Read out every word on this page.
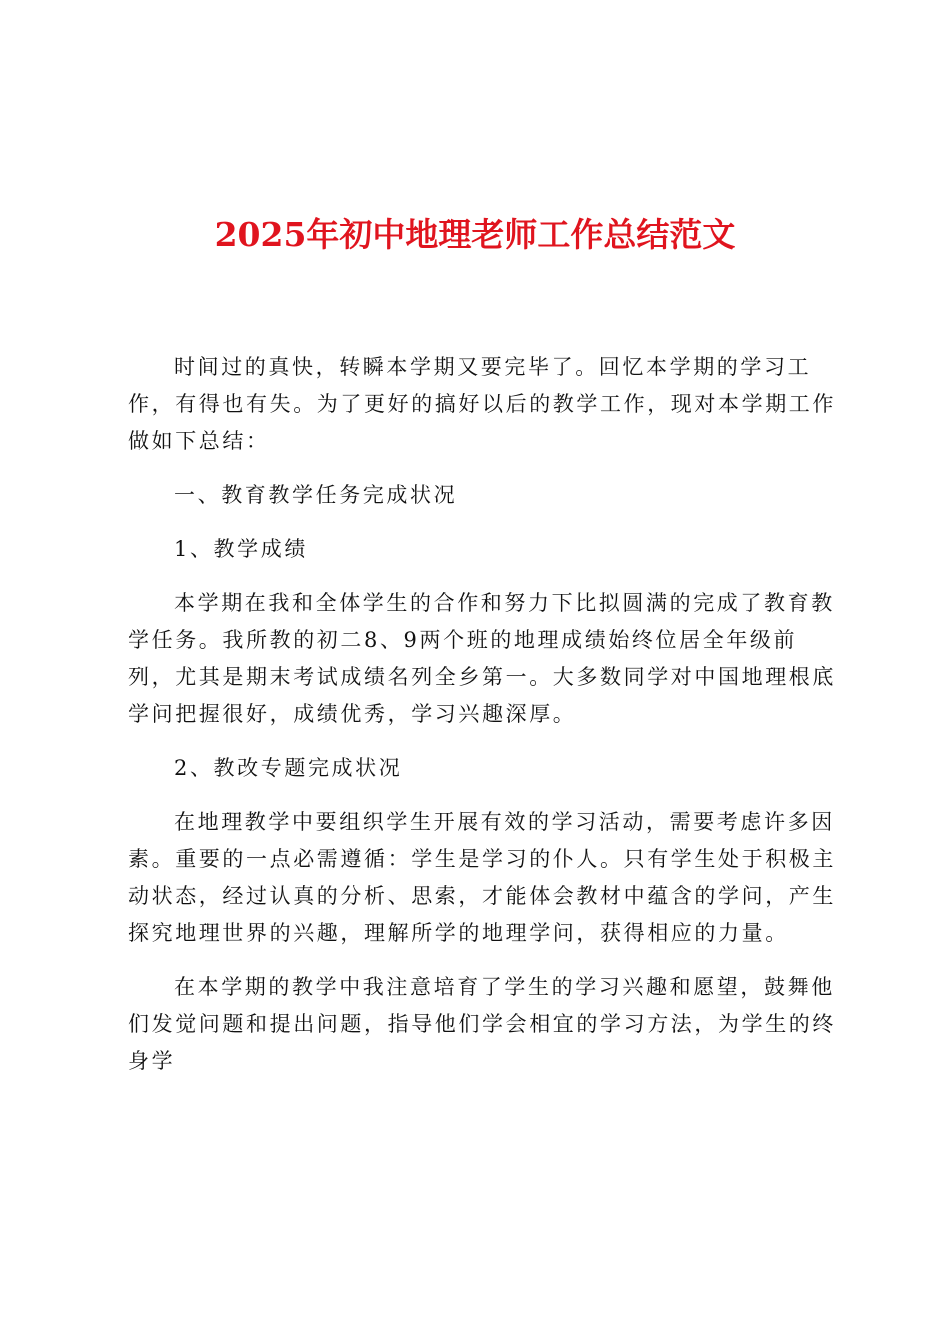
2025年初中地理老师工作总结范文

时间过的真快，转瞬本学期又要完毕了。回忆本学期的学习工作，有得也有失。为了更好的搞好以后的教学工作，现对本学期工作做如下总结：

一、教育教学任务完成状况

1、教学成绩

本学期在我和全体学生的合作和努力下比拟圆满的完成了教育教学任务。我所教的初二8、9两个班的地理成绩始终位居全年级前列，尤其是期末考试成绩名列全乡第一。大多数同学对中国地理根底学问把握很好，成绩优秀，学习兴趣深厚。

2、教改专题完成状况

在地理教学中要组织学生开展有效的学习活动，需要考虑许多因素。重要的一点必需遵循：学生是学习的仆人。只有学生处于积极主动状态，经过认真的分析、思索，才能体会教材中蕴含的学问，产生探究地理世界的兴趣，理解所学的地理学问，获得相应的力量。

在本学期的教学中我注意培育了学生的学习兴趣和愿望，鼓舞他们发觉问题和提出问题，指导他们学会相宜的学习方法，为学生的终身学
